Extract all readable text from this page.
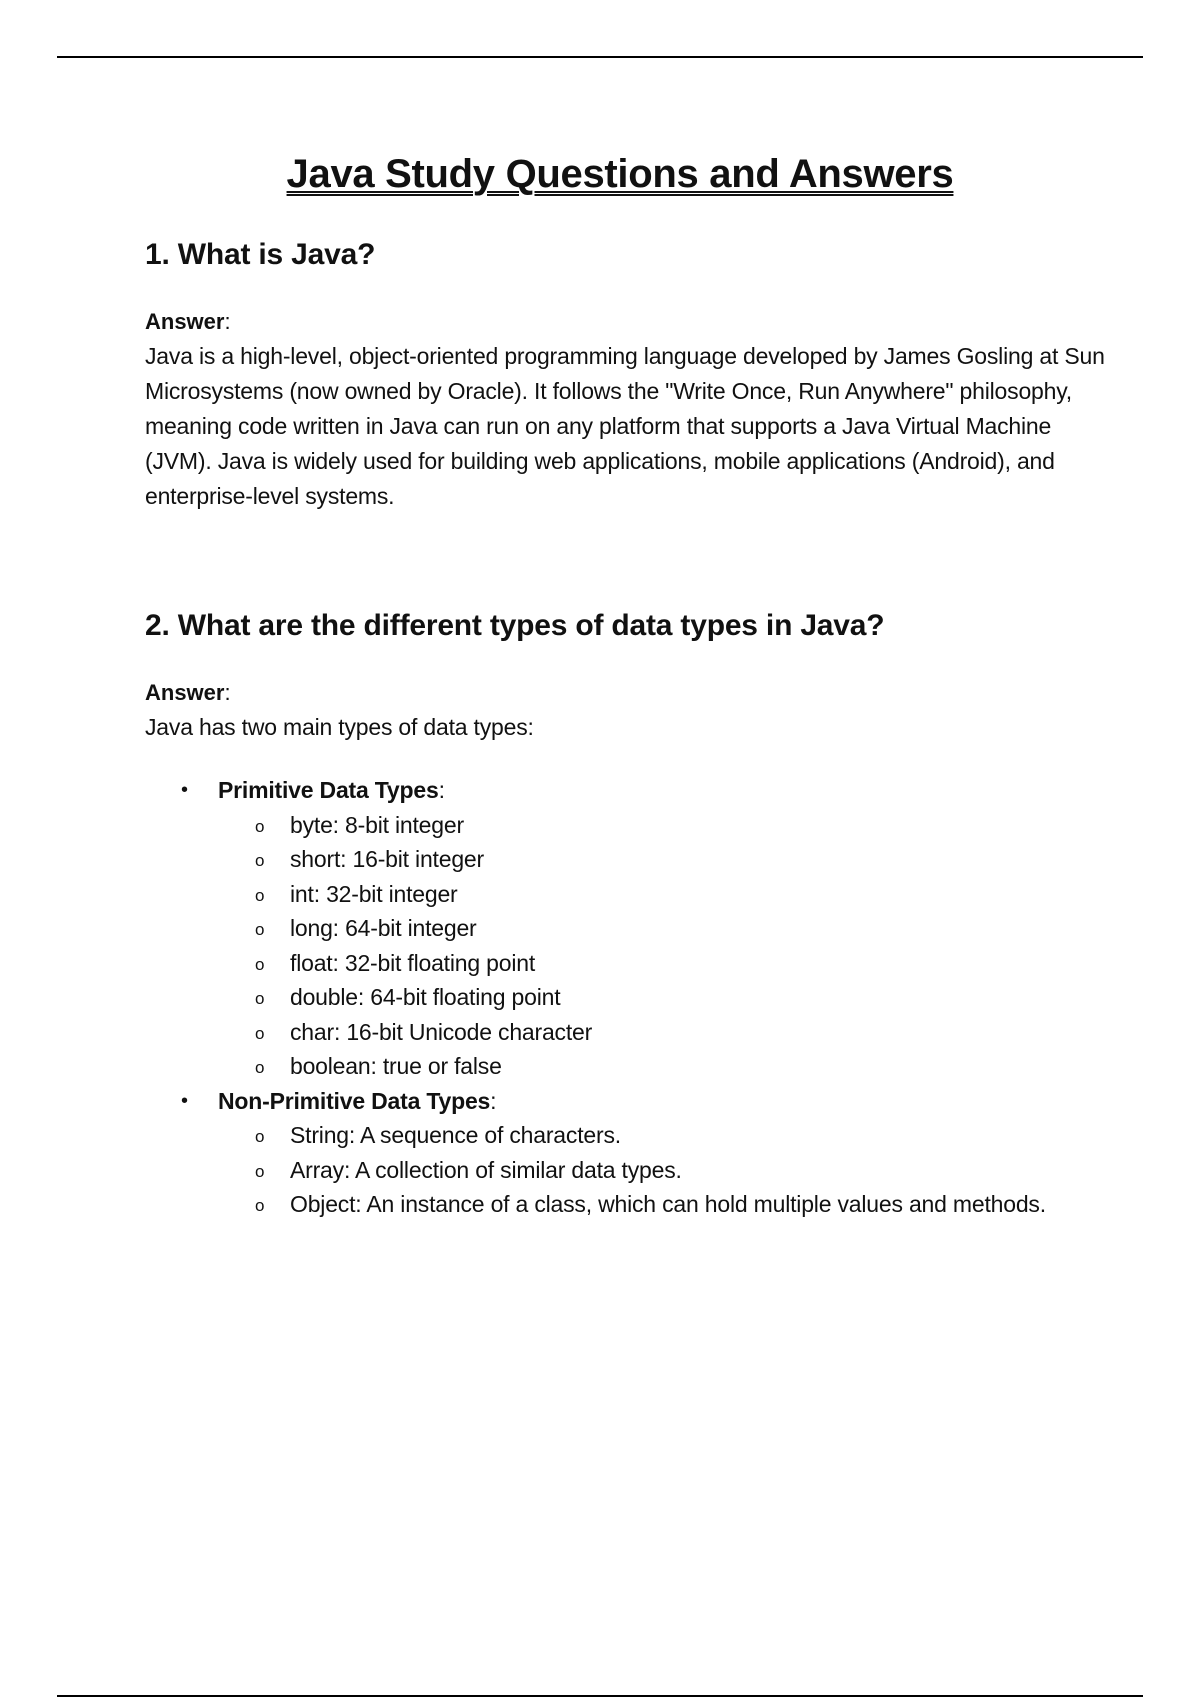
Java Study Questions and Answers
1. What is Java?

Answer:

Java is a high-level, object-oriented programming language developed by James Gosling at Sun Microsystems (now owned by Oracle). It follows the "Write Once, Run Anywhere" philosophy, meaning code written in Java can run on any platform that supports a Java Virtual Machine (JVM). Java is widely used for building web applications, mobile applications (Android), and enterprise-level systems.

2. What are the different types of data types in Java?

Answer:

Java has two main types of data types:

• Primitive Data Types:
o byte: 8-bit integer
o short: 16-bit integer
o int: 32-bit integer
o long: 64-bit integer
o float: 32-bit floating point
o double: 64-bit floating point
o char: 16-bit Unicode character
o boolean: true or false
• Non-Primitive Data Types:
o String: A sequence of characters.
o Array: A collection of similar data types.
o Object: An instance of a class, which can hold multiple values and methods.
